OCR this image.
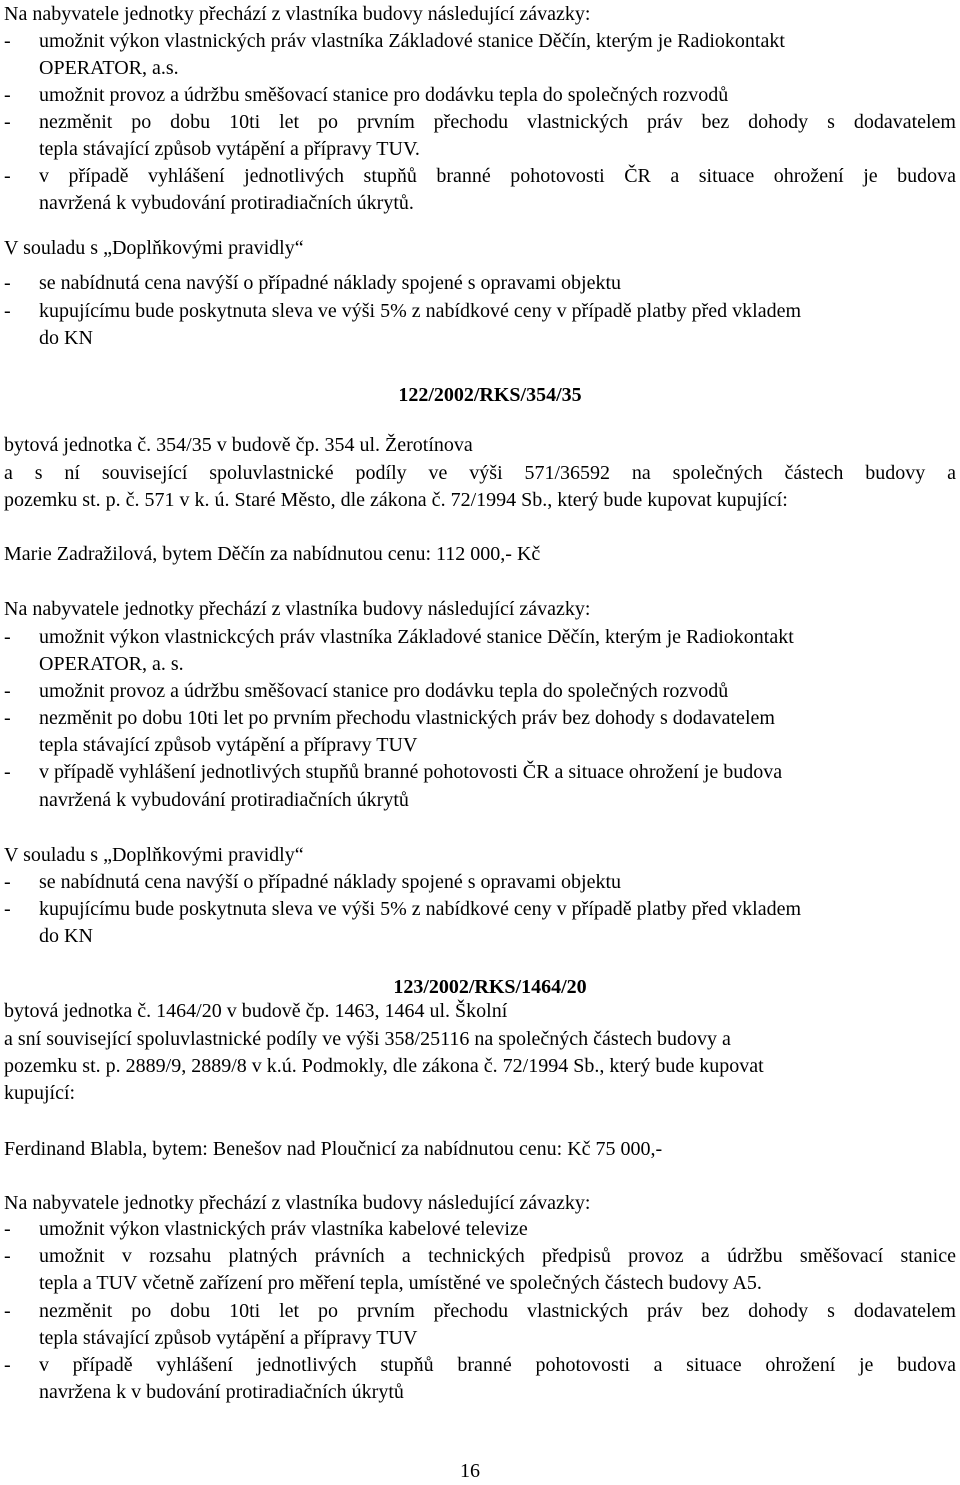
Na nabyvatele jednotky přechází z vlastníka budovy následující závazky:
-	umožnit výkon vlastnických práv vlastníka Základové stanice Děčín, kterým je Radiokontakt
OPERATOR, a.s.
-	umožnit provoz a údržbu směšovací stanice pro dodávku tepla do společných rozvodů
-	nezměnit po dobu 10ti let po prvním přechodu vlastnických práv bez dohody s dodavatelem
tepla stávající způsob vytápění a přípravy TUV.
-	v případě vyhlášení jednotlivých stupňů branné pohotovosti ČR a situace ohrožení je budova
navržená k vybudování protiradiačních úkrytů.
V souladu s „Doplňkovými pravidly“
-	se nabídnutá cena navýší o případné náklady spojené s opravami objektu
-	kupujícímu bude poskytnuta sleva ve výši 5% z nabídkové ceny v případě platby před vkladem
do KN
122/2002/RKS/354/35
bytová jednotka č. 354/35 v budově čp. 354 ul. Žerotínova
a s ní související spoluvlastnické podíly ve výši 571/36592 na společných částech budovy a
pozemku st. p. č. 571 v k. ú. Staré Město, dle zákona č. 72/1994 Sb., který bude kupovat kupující:
Marie Zadražilová, bytem Děčín za nabídnutou cenu: 112 000,- Kč
Na nabyvatele jednotky přechází z vlastníka budovy následující závazky:
-	umožnit výkon vlastnickcých práv vlastníka Základové stanice Děčín, kterým je Radiokontakt
OPERATOR, a. s.
-	umožnit provoz a údržbu směšovací stanice pro dodávku tepla do společných rozvodů
-	nezměnit po dobu 10ti let po prvním přechodu vlastnických práv bez dohody s dodavatelem
tepla stávající způsob vytápění a přípravy TUV
-	v případě vyhlášení jednotlivých stupňů branné pohotovosti ČR a situace ohrožení je budova
navržená k vybudování protiradiačních úkrytů
V souladu s „Doplňkovými pravidly“
-	se nabídnutá cena navýší o případné náklady spojené s opravami objektu
-	kupujícímu bude poskytnuta sleva ve výši 5% z nabídkové ceny v případě platby před vkladem
do KN
123/2002/RKS/1464/20
bytová jednotka č. 1464/20 v budově čp. 1463, 1464 ul. Školní
a sní související spoluvlastnické podíly ve výši 358/25116 na společných částech budovy a
pozemku st. p. 2889/9, 2889/8 v k.ú. Podmokly, dle zákona č. 72/1994 Sb., který bude kupovat
kupující:
Ferdinand Blabla, bytem: Benešov nad Ploučnicí za nabídnutou cenu: Kč 75 000,-
Na nabyvatele jednotky přechází z vlastníka budovy následující závazky:
-	umožnit výkon vlastnických práv vlastníka kabelové televize
-	umožnit v rozsahu platných právních a technických předpisů provoz a údržbu směšovací stanice
tepla a TUV včetně zařízení pro měření tepla, umístěné ve společných částech budovy A5.
-	nezměnit po dobu 10ti let po prvním přechodu vlastnických práv bez dohody s dodavatelem
tepla stávající způsob vytápění a přípravy TUV
-	v případě vyhlášení jednotlivých stupňů branné pohotovosti a situace ohrožení je budova
navržena k v budování protiradiačních úkrytů
16
